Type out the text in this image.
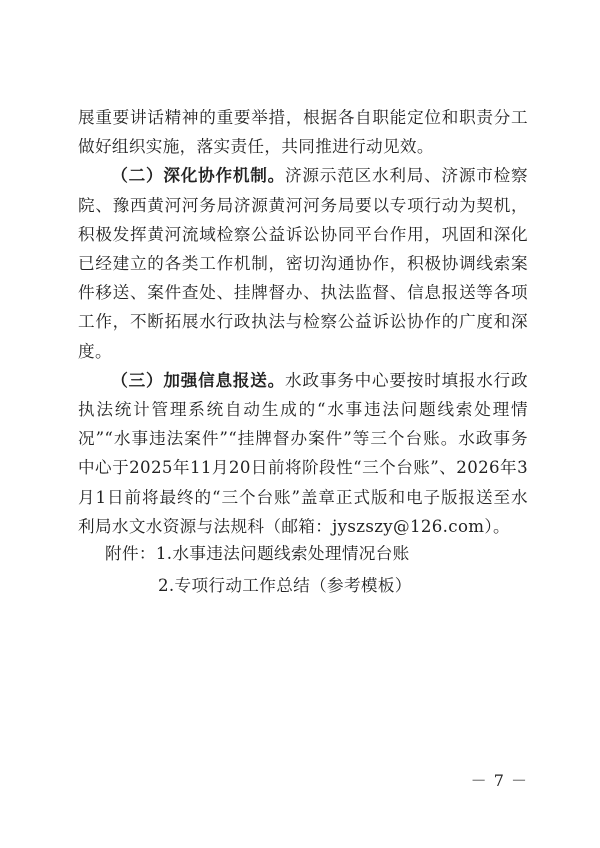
展重要讲话精神的重要举措，根据各自职能定位和职责分工做好组织实施，落实责任，共同推进行动见效。

（二）深化协作机制。济源示范区水利局、济源市检察院、豫西黄河河务局济源黄河河务局要以专项行动为契机，积极发挥黄河流域检察公益诉讼协同平台作用，巩固和深化已经建立的各类工作机制，密切沟通协作，积极协调线索案件移送、案件查处、挂牌督办、执法监督、信息报送等各项工作，不断拓展水行政执法与检察公益诉讼协作的广度和深度。

（三）加强信息报送。水政事务中心要按时填报水行政执法统计管理系统自动生成的“水事违法问题线索处理情况”“水事违法案件”“挂牌督办案件”等三个台账。水政事务中心于2025年11月20日前将阶段性“三个台账”、2026年3月1日前将最终的“三个台账”盖章正式版和电子版报送至水利局水文水资源与法规科（邮箱：jyszszy@126.com）。

附件：1.水事违法问题线索处理情况台账
2.专项行动工作总结（参考模板）
－ 7 －
